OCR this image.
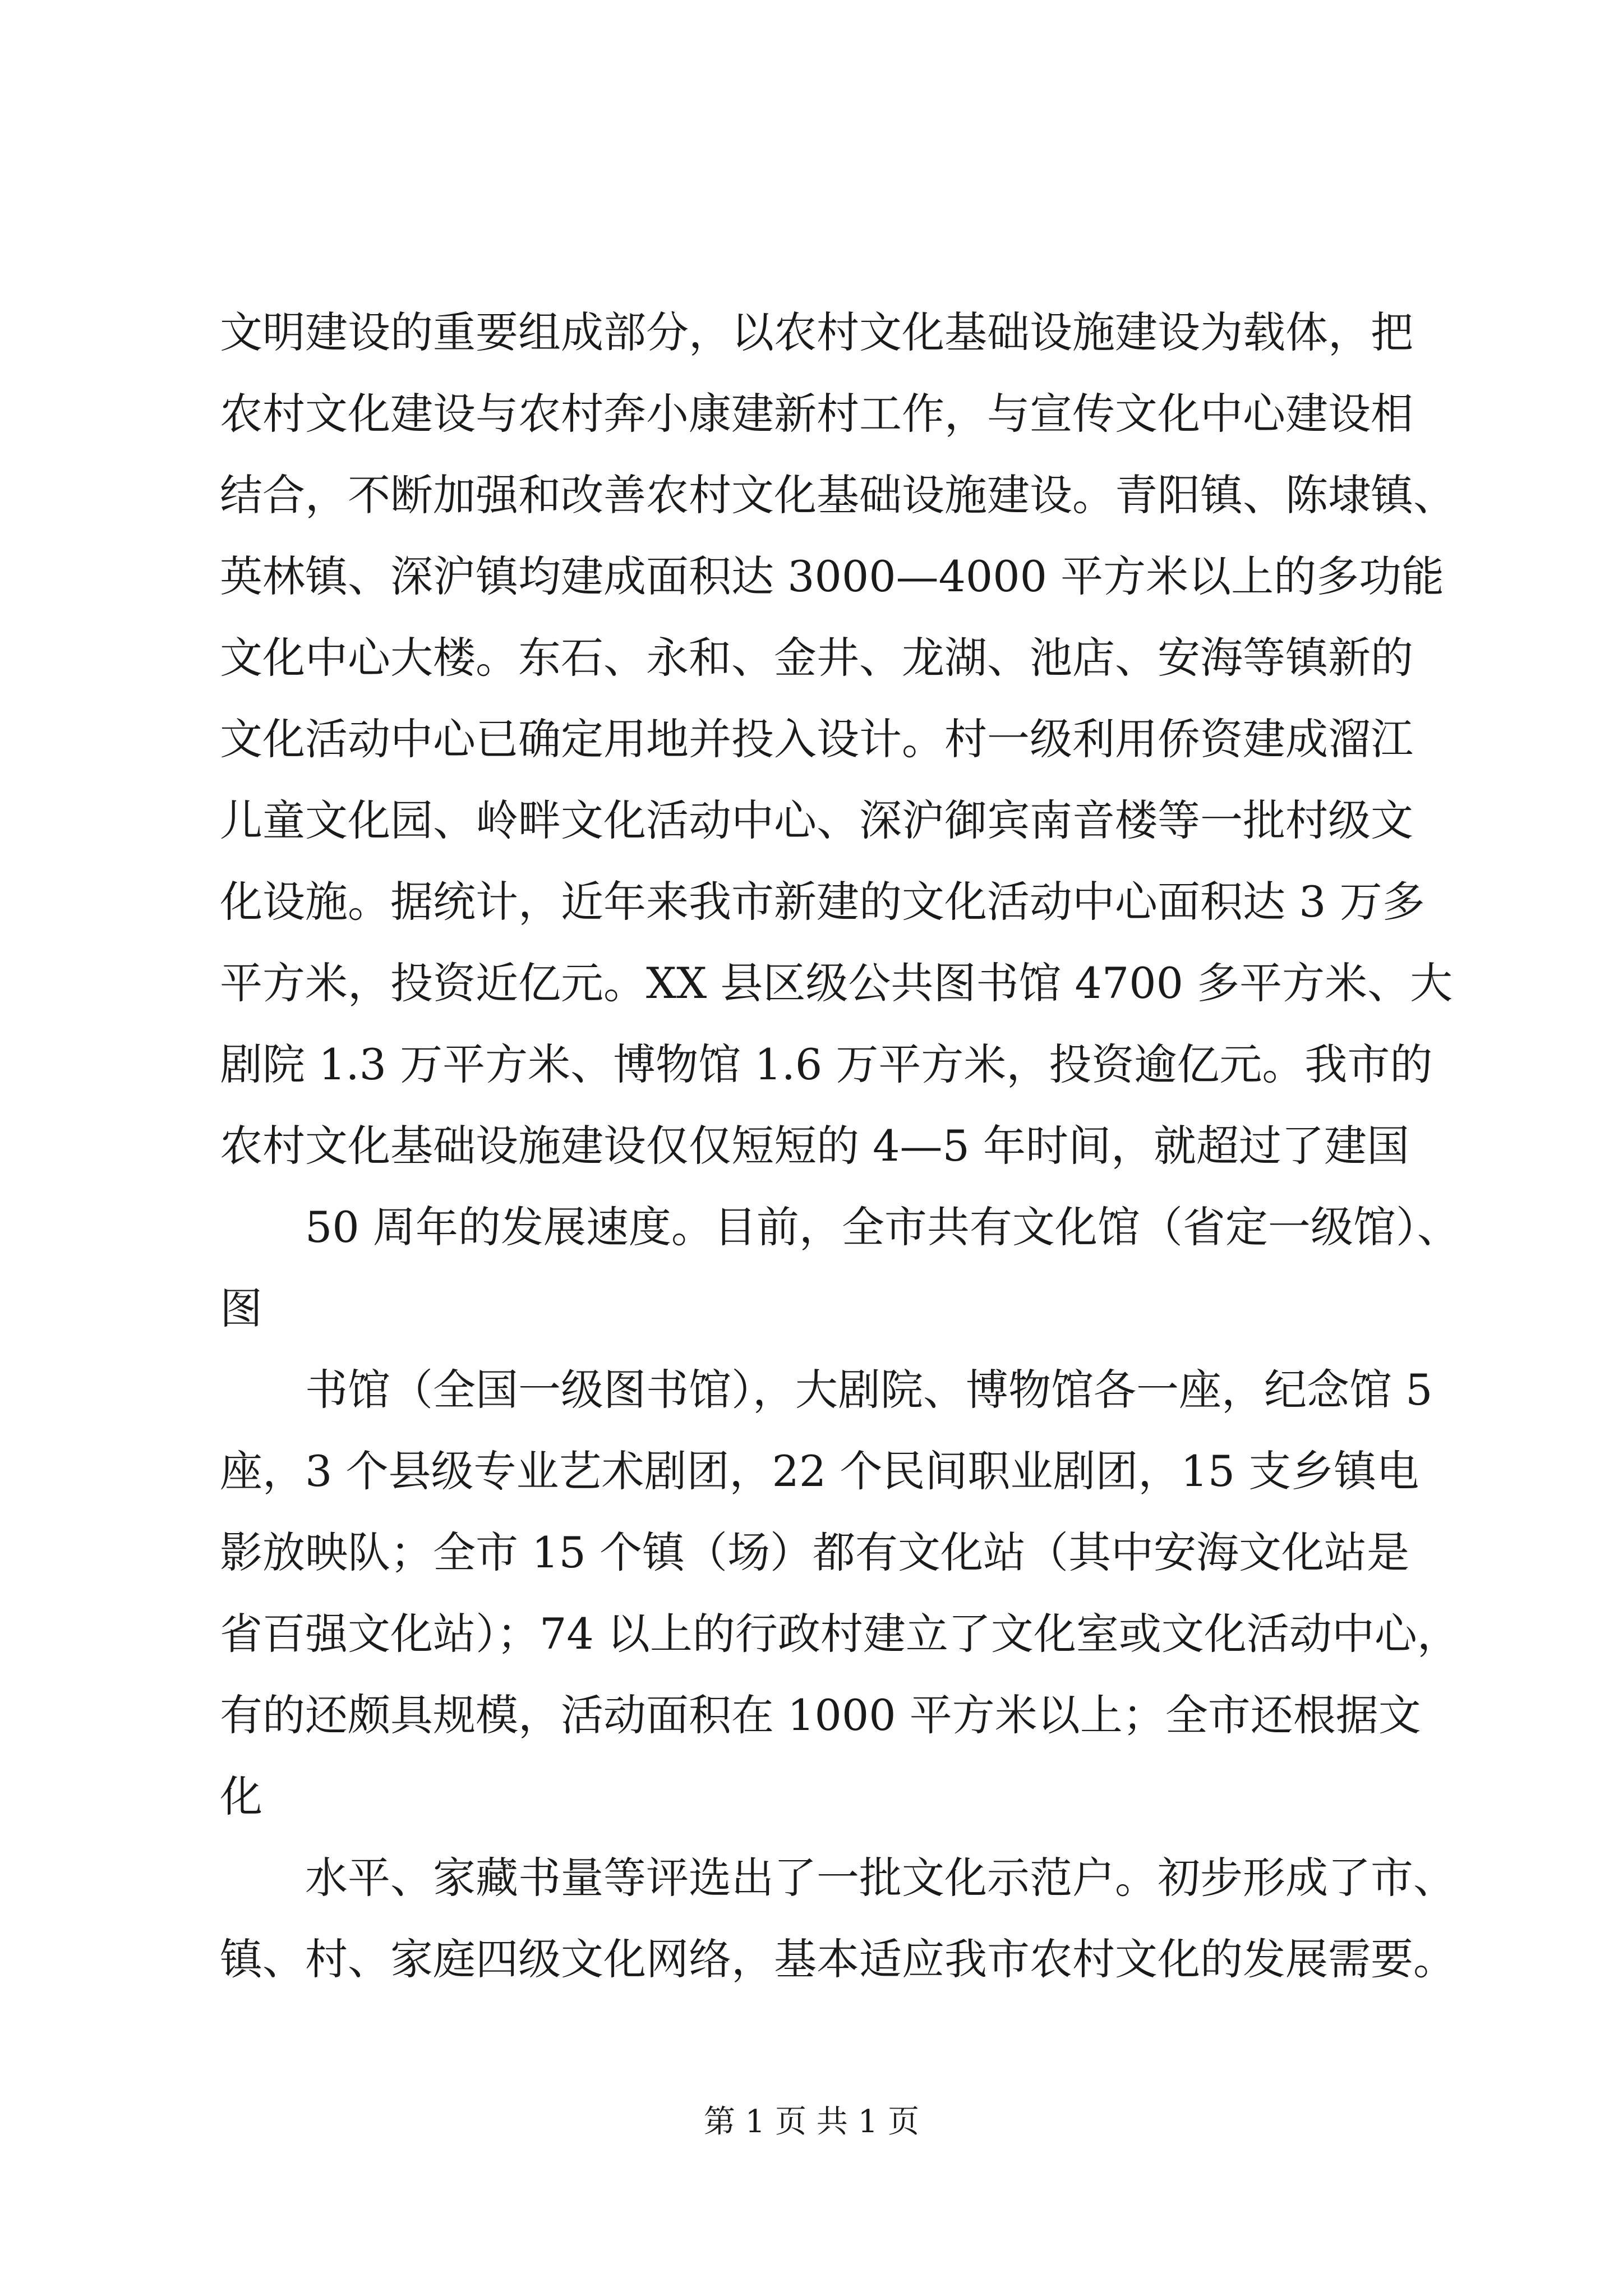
文明建设的重要组成部分，以农村文化基础设施建设为载体，把
农村文化建设与农村奔小康建新村工作，与宣传文化中心建设相
结合，不断加强和改善农村文化基础设施建设。青阳镇、陈埭镇、
英林镇、深沪镇均建成面积达 3000—4000 平方米以上的多功能
文化中心大楼。东石、永和、金井、龙湖、池店、安海等镇新的
文化活动中心已确定用地并投入设计。村一级利用侨资建成溜江
儿童文化园、岭畔文化活动中心、深沪御宾南音楼等一批村级文
化设施。据统计，近年来我市新建的文化活动中心面积达 3 万多
平方米，投资近亿元。XX 县区级公共图书馆 4700 多平方米、大
剧院 1.3 万平方米、博物馆 1.6 万平方米，投资逾亿元。我市的
农村文化基础设施建设仅仅短短的 4—5 年时间，就超过了建国
50 周年的发展速度。目前，全市共有文化馆（省定一级馆）、
图
书馆（全国一级图书馆），大剧院、博物馆各一座，纪念馆 5
座，3 个县级专业艺术剧团，22 个民间职业剧团，15 支乡镇电
影放映队；全市 15 个镇（场）都有文化站（其中安海文化站是
省百强文化站）；74 以上的行政村建立了文化室或文化活动中心，
有的还颇具规模，活动面积在 1000 平方米以上；全市还根据文
化
水平、家藏书量等评选出了一批文化示范户。初步形成了市、
镇、村、家庭四级文化网络，基本适应我市农村文化的发展需要。
第 1 页 共 1 页
